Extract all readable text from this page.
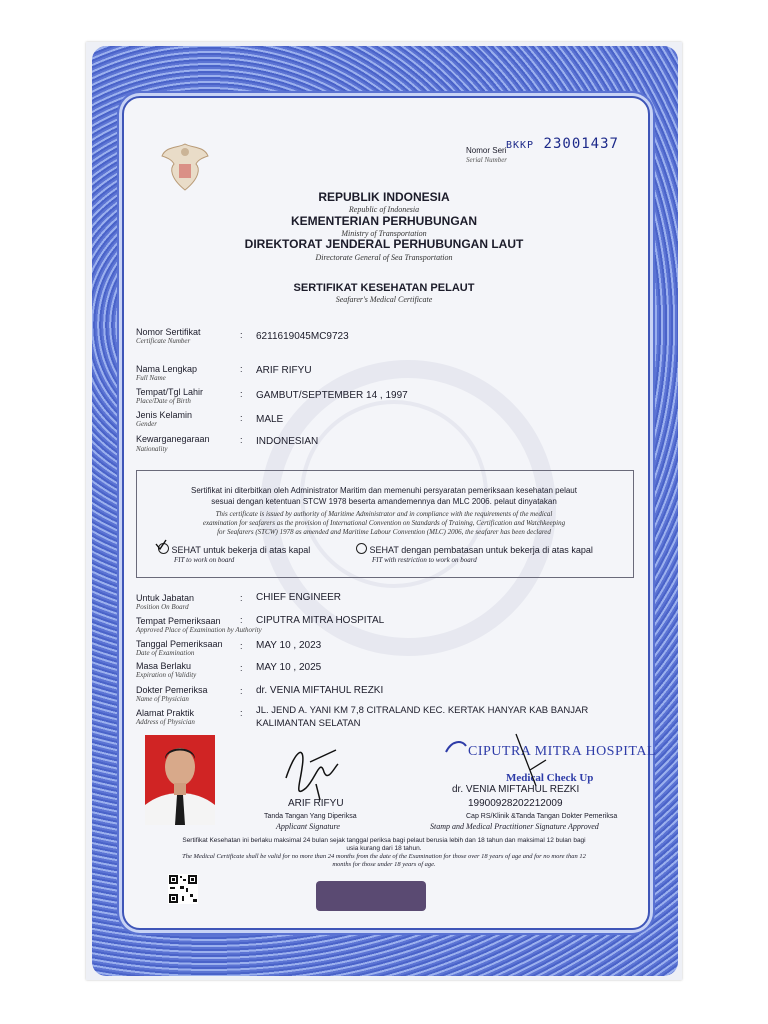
Nomor Seri
Serial Number
BKKP 23001437
REPUBLIK INDONESIA
Republic of Indonesia
KEMENTERIAN PERHUBUNGAN
Ministry of Transportation
DIREKTORAT JENDERAL PERHUBUNGAN LAUT
Directorate General of Sea Transportation
SERTIFIKAT KESEHATAN PELAUT
Seafarer's Medical Certificate
Nomor Sertifikat
Certificate Number
: 6211619045MC9723
Nama Lengkap
Full Name
: ARIF RIFYU
Tempat/Tgl Lahir
Place/Date of Birth
: GAMBUT/SEPTEMBER 14 , 1997
Jenis Kelamin
Gender
: MALE
Kewarganegaraan
Nationality
: INDONESIAN
Sertifikat ini diterbitkan oleh Administrator Maritim dan memenuhi persyaratan pemeriksaan kesehatan pelaut
sesuai dengan ketentuan STCW 1978 beserta amandemennya dan MLC 2006. pelaut dinyatakan
This certificate is issued by authority of Maritime Administrator and in compliance with the requirements of the medical
examination for seafarers as the provision of International Convention on Standards of Training, Certification and Watchkeeping
for Seafarers (STCW) 1978 as amended and Maritime Labour Convention (MLC) 2006, the seafarer has been declared
SEHAT untuk bekerja di atas kapal
FIT to work on board
SEHAT dengan pembatasan untuk bekerja di atas kapal
FIT with restriction to work on board
Untuk Jabatan
Position On Board
: CHIEF ENGINEER
Tempat Pemeriksaan
Approved Place of Examination by Authority
: CIPUTRA MITRA HOSPITAL
Tanggal Pemeriksaan
Date of Examination
: MAY 10 , 2023
Masa Berlaku
Expiration of Validity
: MAY 10 , 2025
Dokter Pemeriksa
Name of Physician
: dr. VENIA MIFTAHUL REZKI
Alamat Praktik
Address of Physician
: JL. JEND A. YANI KM 7,8 CITRALAND KEC. KERTAK HANYAR KAB BANJAR
KALIMANTAN SELATAN
ARIF RIFYU
Tanda Tangan Yang Diperiksa
Applicant Signature
CIPUTRA MITRA HOSPITAL
Medical Check Up
dr. VENIA MIFTAHUL REZKI
19900928202212009
Cap RS/Klinik &Tanda Tangan Dokter Pemeriksa
Stamp and Medical Practitioner Signature Approved
Sertifikat Kesehatan ini berlaku maksimal 24 bulan sejak tanggal periksa bagi pelaut berusia lebih dan 18 tahun dan maksimal 12 bulan bagi
usia kurang dari 18 tahun.
The Medical Certificate shall be valid for no more than 24 months from the date of the Examination for those over 18 years of age and for no more than 12
months for those under 18 years of age.
